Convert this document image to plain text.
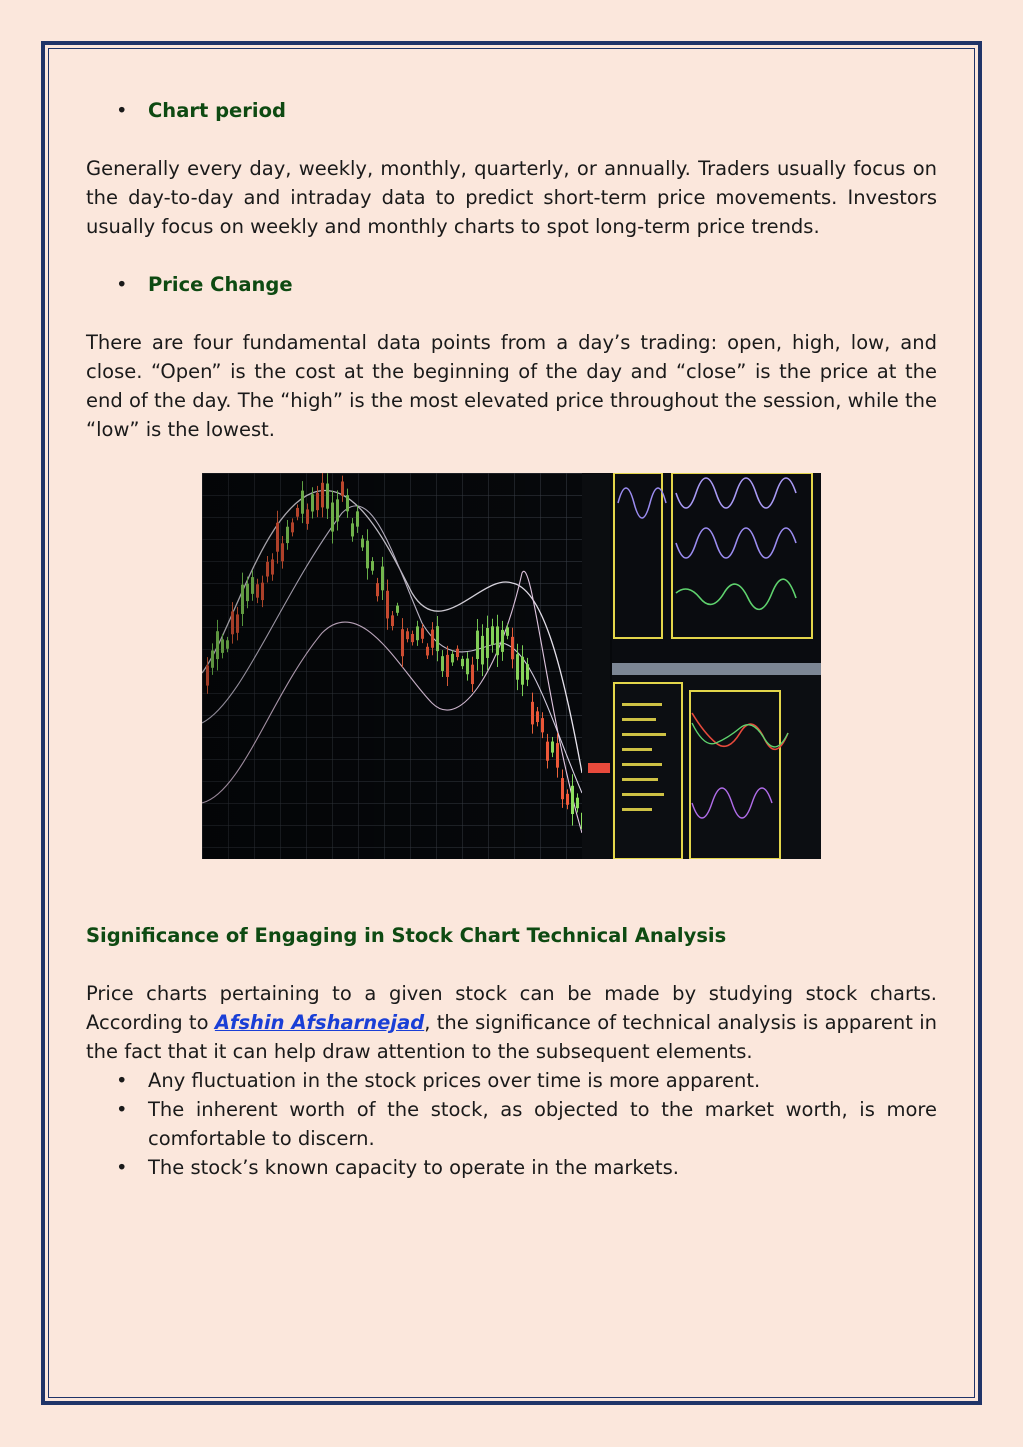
• Chart period

Generally every day, weekly, monthly, quarterly, or annually. Traders usually focus on the day-to-day and intraday data to predict short-term price movements. Investors usually focus on weekly and monthly charts to spot long-term price trends.

• Price Change

There are four fundamental data points from a day’s trading: open, high, low, and close. “Open” is the cost at the beginning of the day and “close” is the price at the end of the day. The “high” is the most elevated price throughout the session, while the “low” is the lowest.

Significance of Engaging in Stock Chart Technical Analysis

Price charts pertaining to a given stock can be made by studying stock charts. According to Afshin Afsharnejad, the significance of technical analysis is apparent in the fact that it can help draw attention to the subsequent elements.

• Any fluctuation in the stock prices over time is more apparent.
• The inherent worth of the stock, as objected to the market worth, is more comfortable to discern.
• The stock’s known capacity to operate in the markets.
